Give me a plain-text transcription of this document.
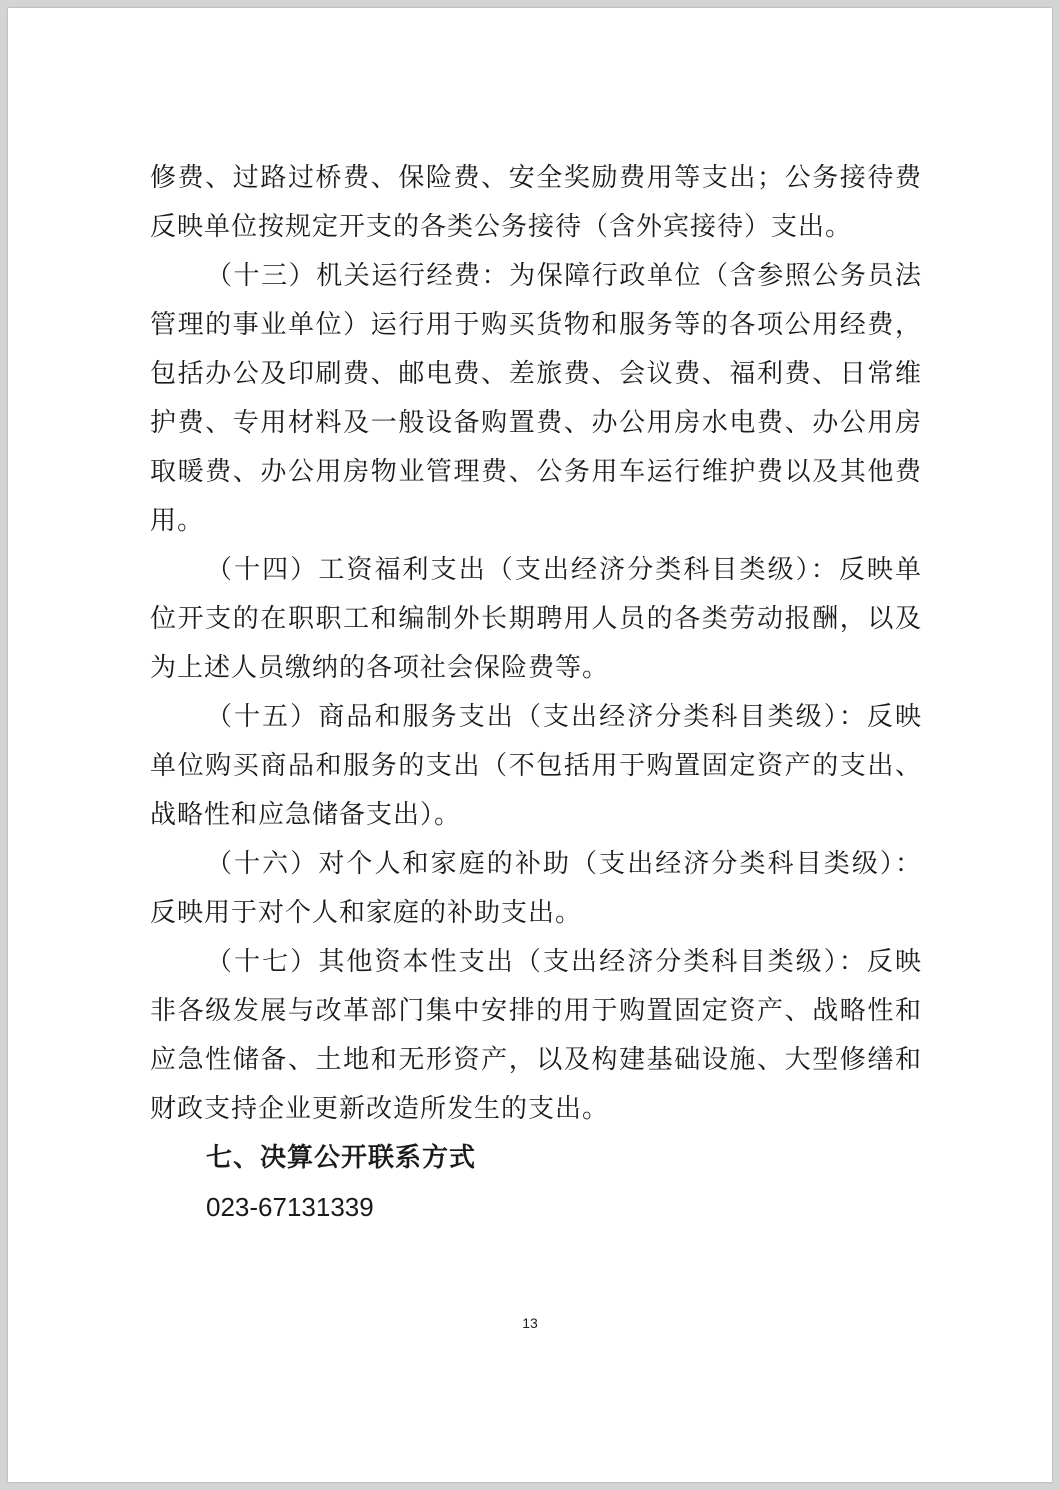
修费、过路过桥费、保险费、安全奖励费用等支出；公务接待费
反映单位按规定开支的各类公务接待（含外宾接待）支出。
（十三）机关运行经费：为保障行政单位（含参照公务员法
管理的事业单位）运行用于购买货物和服务等的各项公用经费，
包括办公及印刷费、邮电费、差旅费、会议费、福利费、日常维
护费、专用材料及一般设备购置费、办公用房水电费、办公用房
取暖费、办公用房物业管理费、公务用车运行维护费以及其他费
用。
（十四）工资福利支出（支出经济分类科目类级）：反映单
位开支的在职职工和编制外长期聘用人员的各类劳动报酬，以及
为上述人员缴纳的各项社会保险费等。
（十五）商品和服务支出（支出经济分类科目类级）：反映
单位购买商品和服务的支出（不包括用于购置固定资产的支出、
战略性和应急储备支出）。
（十六）对个人和家庭的补助（支出经济分类科目类级）：
反映用于对个人和家庭的补助支出。
（十七）其他资本性支出（支出经济分类科目类级）：反映
非各级发展与改革部门集中安排的用于购置固定资产、战略性和
应急性储备、土地和无形资产，以及构建基础设施、大型修缮和
财政支持企业更新改造所发生的支出。
七、决算公开联系方式
023-67131339
13
